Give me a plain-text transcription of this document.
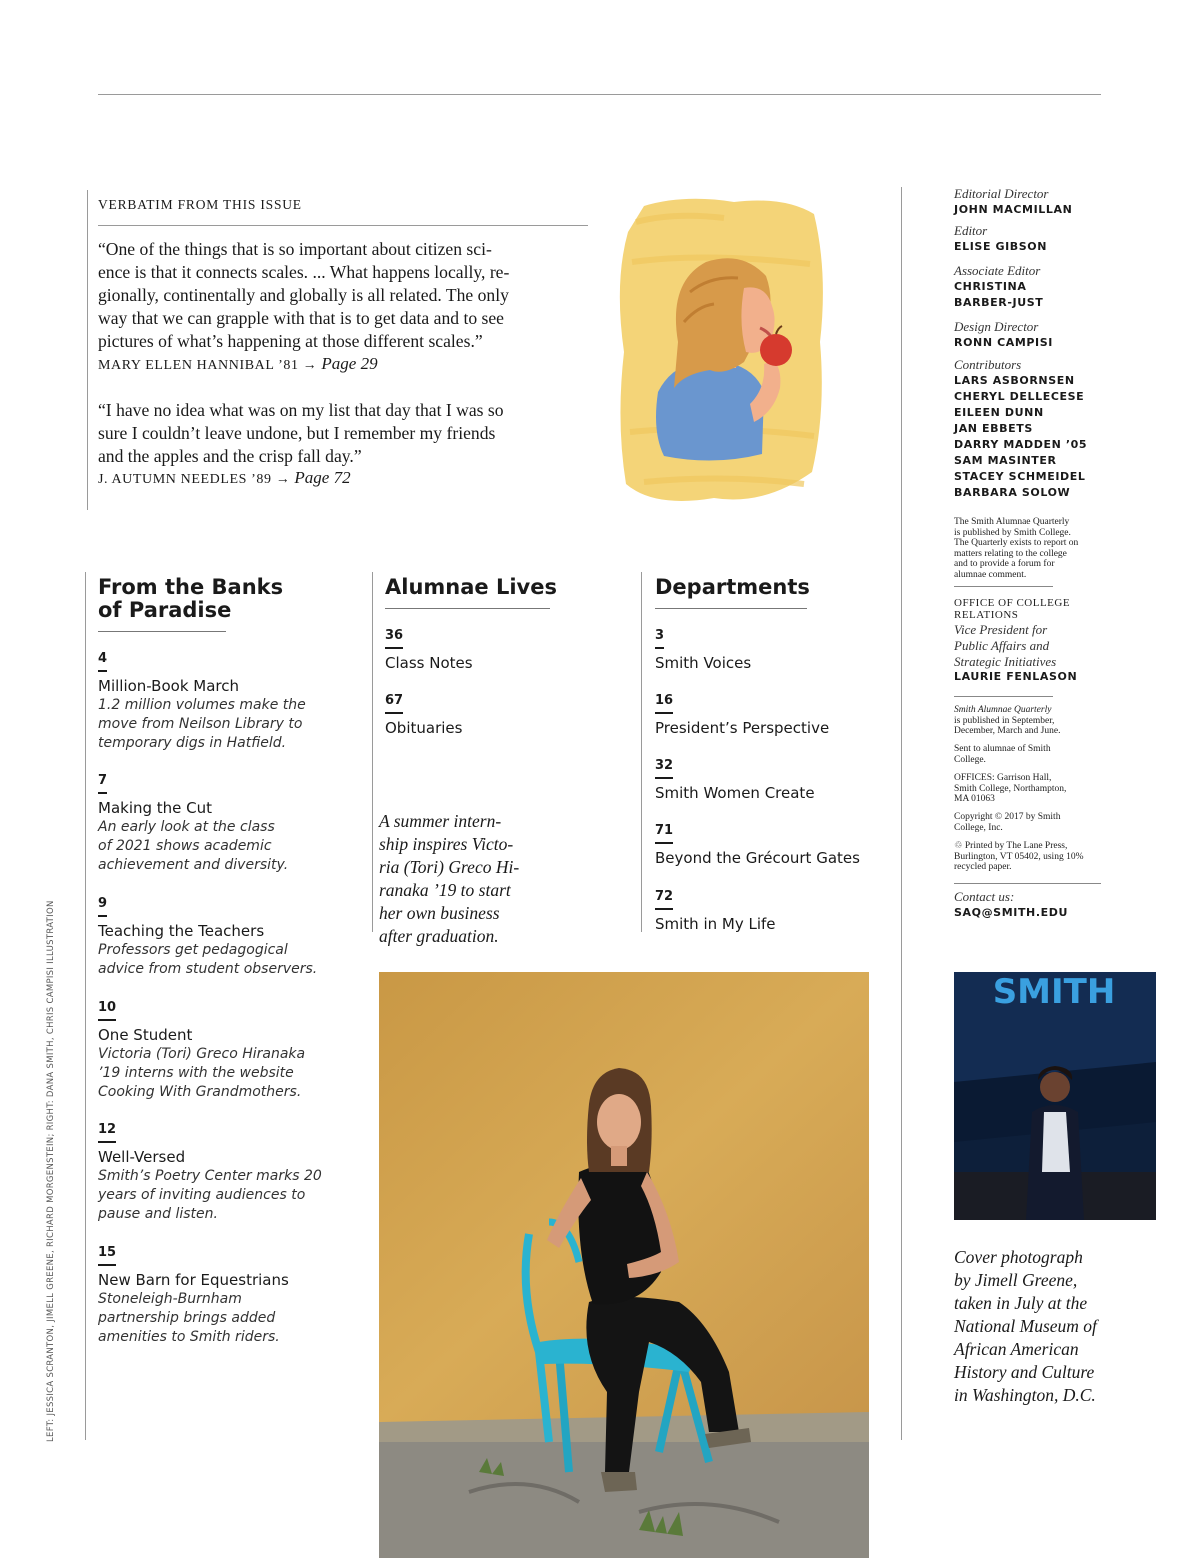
VERBATIM FROM THIS ISSUE

“One of the things that is so important about citizen sci-
ence is that it connects scales. ... What happens locally, re-
gionally, continentally and globally is all related. The only
way that we can grapple with that is to get data and to see
pictures of what’s happening at those different scales.”

MARY ELLEN HANNIBAL ’81 → Page 29

“I have no idea what was on my list that day that I was so
sure I couldn’t leave undone, but I remember my friends
and the apples and the crisp fall day.”

J. AUTUMN NEEDLES ’89 → Page 72
From the Banks
of Paradise
4
Million-Book March
1.2 million volumes make the
move from Neilson Library to
temporary digs in Hatfield.
7
Making the Cut
An early look at the class
of 2021 shows academic
achievement and diversity.
9
Teaching the Teachers
Professors get pedagogical
advice from student observers.
10
One Student
Victoria (Tori) Greco Hiranaka
’19 interns with the website
Cooking With Grandmothers.
12
Well-Versed
Smith’s Poetry Center marks 20
years of inviting audiences to
pause and listen.
15
New Barn for Equestrians
Stoneleigh-Burnham
partnership brings added
amenities to Smith riders.
Alumnae Lives
36
Class Notes
67
Obituaries

A summer intern-
ship inspires Victo-
ria (Tori) Greco Hi-
ranaka ’19 to start
her own business
after graduation.

Departments
3
Smith Voices
16
President’s Perspective
32
Smith Women Create
71
Beyond the Grécourt Gates
72
Smith in My Life
Editorial Director
JOHN MACMILLAN
Editor
ELISE GIBSON
Associate Editor
CHRISTINA
BARBER-JUST
Design Director
RONN CAMPISI
Contributors
LARS ASBORNSEN
CHERYL DELLECESE
EILEEN DUNN
JAN EBBETS
DARRY MADDEN ’05
SAM MASINTER
STACEY SCHMEIDEL
BARBARA SOLOW

The Smith Alumnae Quarterly
is published by Smith College.
The Quarterly exists to report on
matters relating to the college
and to provide a forum for
alumnae comment.

OFFICE OF COLLEGE
RELATIONS

Vice President for
Public Affairs and
Strategic Initiatives
LAURIE FENLASON

Smith Alumnae Quarterly
is published in September,
December, March and June.

Sent to alumnae of Smith
College.

OFFICES: Garrison Hall,
Smith College, Northampton,
MA 01063

Copyright © 2017 by Smith
College, Inc.

♲ Printed by The Lane Press,
Burlington, VT 05402, using 10%
recycled paper.

Contact us:
SAQ@SMITH.EDU
SMITH

Cover photograph
by Jimell Greene,
taken in July at the
National Museum of
African American
History and Culture
in Washington, D.C.

LEFT: JESSICA SCRANTON, JIMELL GREENE, RICHARD MORGENSTEIN; RIGHT: DANA SMITH, CHRIS CAMPISI ILLUSTRATION
